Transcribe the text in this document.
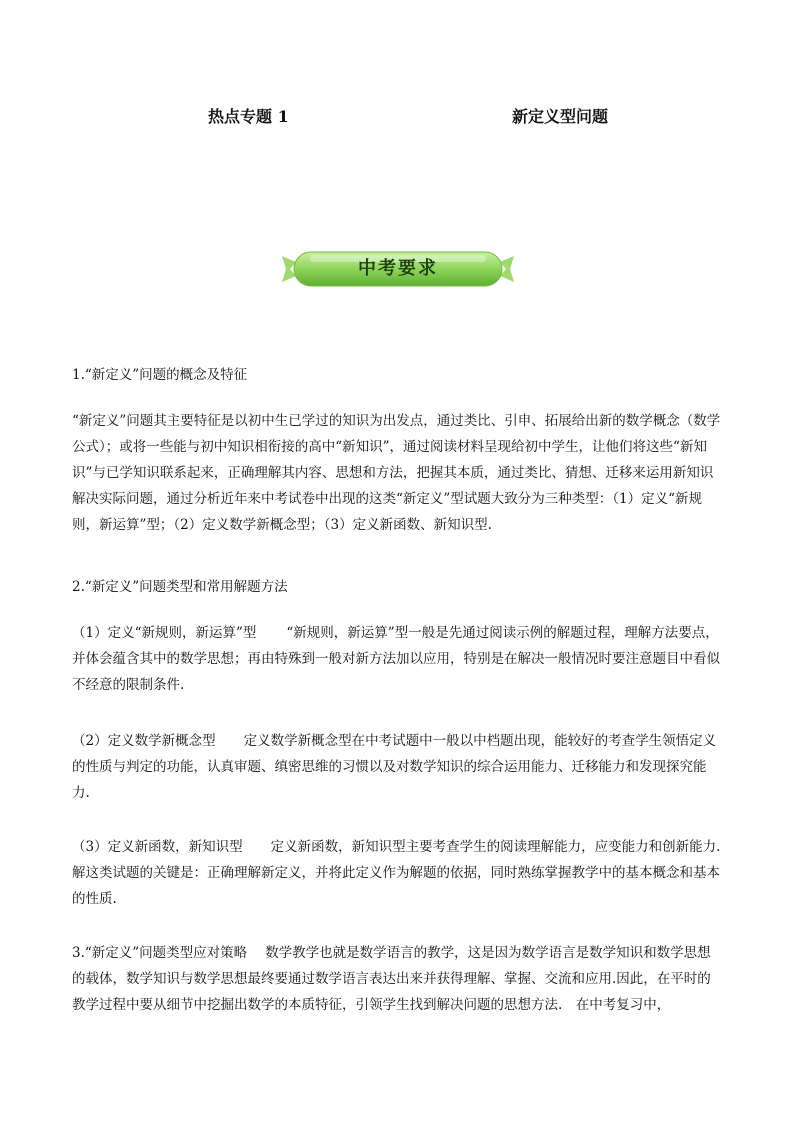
热点专题 1	新定义型问题
中考要求

1.“新定义”问题的概念及特征

“新定义”问题其主要特征是以初中生已学过的知识为出发点，通过类比、引申、拓展给出新的数学概念（数学公式）；或将一些能与初中知识相衔接的高中“新知识”，通过阅读材料呈现给初中学生，让他们将这些“新知识”与已学知识联系起来，正确理解其内容、思想和方法，把握其本质，通过类比、猜想、迁移来运用新知识解决实际问题，通过分析近年来中考试卷中出现的这类“新定义”型试题大致分为三种类型：（1）定义“新规则，新运算”型；（2）定义数学新概念型；（3）定义新函数、新知识型.

2.“新定义”问题类型和常用解题方法

（1）定义“新规则，新运算”型 “新规则，新运算”型一般是先通过阅读示例的解题过程，理解方法要点，并体会蕴含其中的数学思想；再由特殊到一般对新方法加以应用，特别是在解决一般情况时要注意题目中看似不经意的限制条件.

（2）定义数学新概念型 定义数学新概念型在中考试题中一般以中档题出现，能较好的考查学生领悟定义的性质与判定的功能，认真审题、缜密思维的习惯以及对数学知识的综合运用能力、迁移能力和发现探究能力.

（3）定义新函数，新知识型 定义新函数，新知识型主要考查学生的阅读理解能力，应变能力和创新能力.解这类试题的关键是：正确理解新定义，并将此定义作为解题的依据，同时熟练掌握教学中的基本概念和基本的性质.

3.“新定义”问题类型应对策略 数学教学也就是数学语言的教学，这是因为数学语言是数学知识和数学思想的载体，数学知识与数学思想最终要通过数学语言表达出来并获得理解、掌握、交流和应用.因此，在平时的教学过程中要从细节中挖掘出数学的本质特征，引领学生找到解决问题的思想方法.　在中考复习中，
